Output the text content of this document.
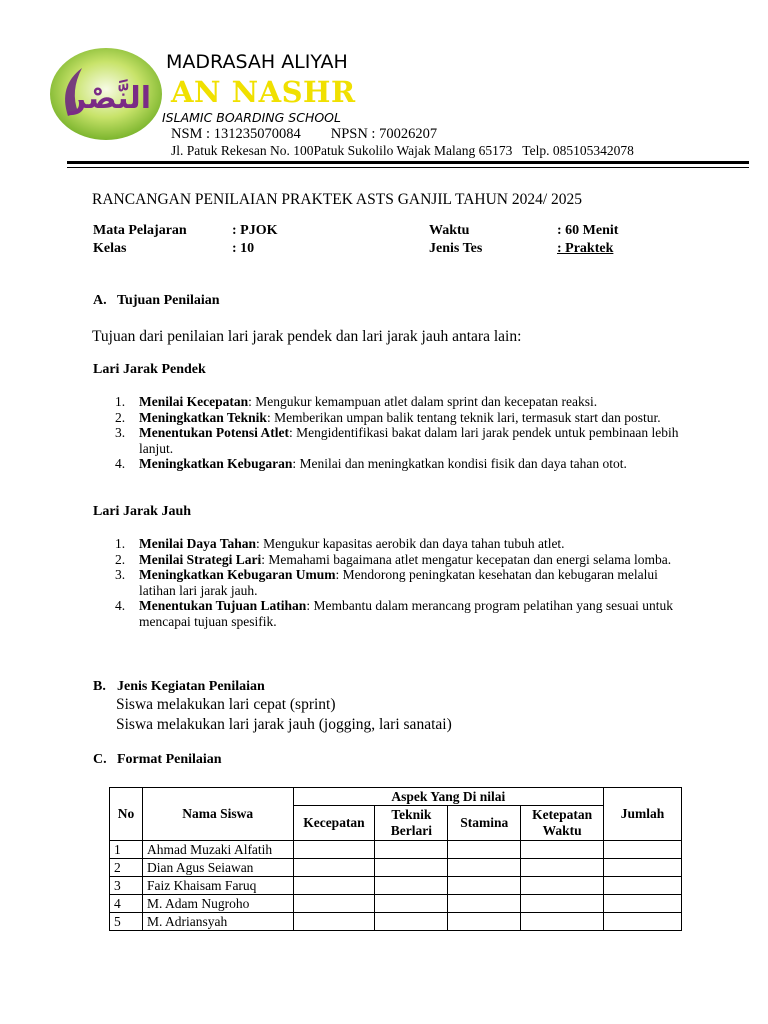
النَّصْر
MADRASAH ALIYAH
AN NASHR
ISLAMIC BOARDING SCHOOL
NSM : 131235070084 NPSN : 70026207
Jl. Patuk Rekesan No. 100Patuk Sukolilo Wajak Malang 65173   Telp. 085105342078
RANCANGAN PENILAIAN PRAKTEK ASTS GANJIL TAHUN 2024/ 2025
Mata Pelajaran	: PJOK
Kelas	: 10
Waktu	: 60 Menit
Jenis Tes	: Praktek
A. Tujuan Penilaian
Tujuan dari penilaian lari jarak pendek dan lari jarak jauh antara lain:
Lari Jarak Pendek
1. Menilai Kecepatan: Mengukur kemampuan atlet dalam sprint dan kecepatan reaksi.
2. Meningkatkan Teknik: Memberikan umpan balik tentang teknik lari, termasuk start dan postur.
3. Menentukan Potensi Atlet: Mengidentifikasi bakat dalam lari jarak pendek untuk pembinaan lebih lanjut.
4. Meningkatkan Kebugaran: Menilai dan meningkatkan kondisi fisik dan daya tahan otot.
Lari Jarak Jauh
1. Menilai Daya Tahan: Mengukur kapasitas aerobik dan daya tahan tubuh atlet.
2. Menilai Strategi Lari: Memahami bagaimana atlet mengatur kecepatan dan energi selama lomba.
3. Meningkatkan Kebugaran Umum: Mendorong peningkatan kesehatan dan kebugaran melalui latihan lari jarak jauh.
4. Menentukan Tujuan Latihan: Membantu dalam merancang program pelatihan yang sesuai untuk mencapai tujuan spesifik.
B. Jenis Kegiatan Penilaian
Siswa melakukan lari cepat (sprint)
Siswa melakukan lari jarak jauh (jogging, lari sanatai)
C. Format Penilaian
No	Nama Siswa	Aspek Yang Di nilai				Jumlah
		Kecepatan	Teknik Berlari	Stamina	Ketepatan Waktu	
1	Ahmad Muzaki Alfatih					
2	Dian Agus Seiawan					
3	Faiz Khaisam Faruq					
4	M. Adam Nugroho					
5	M. Adriansyah					
